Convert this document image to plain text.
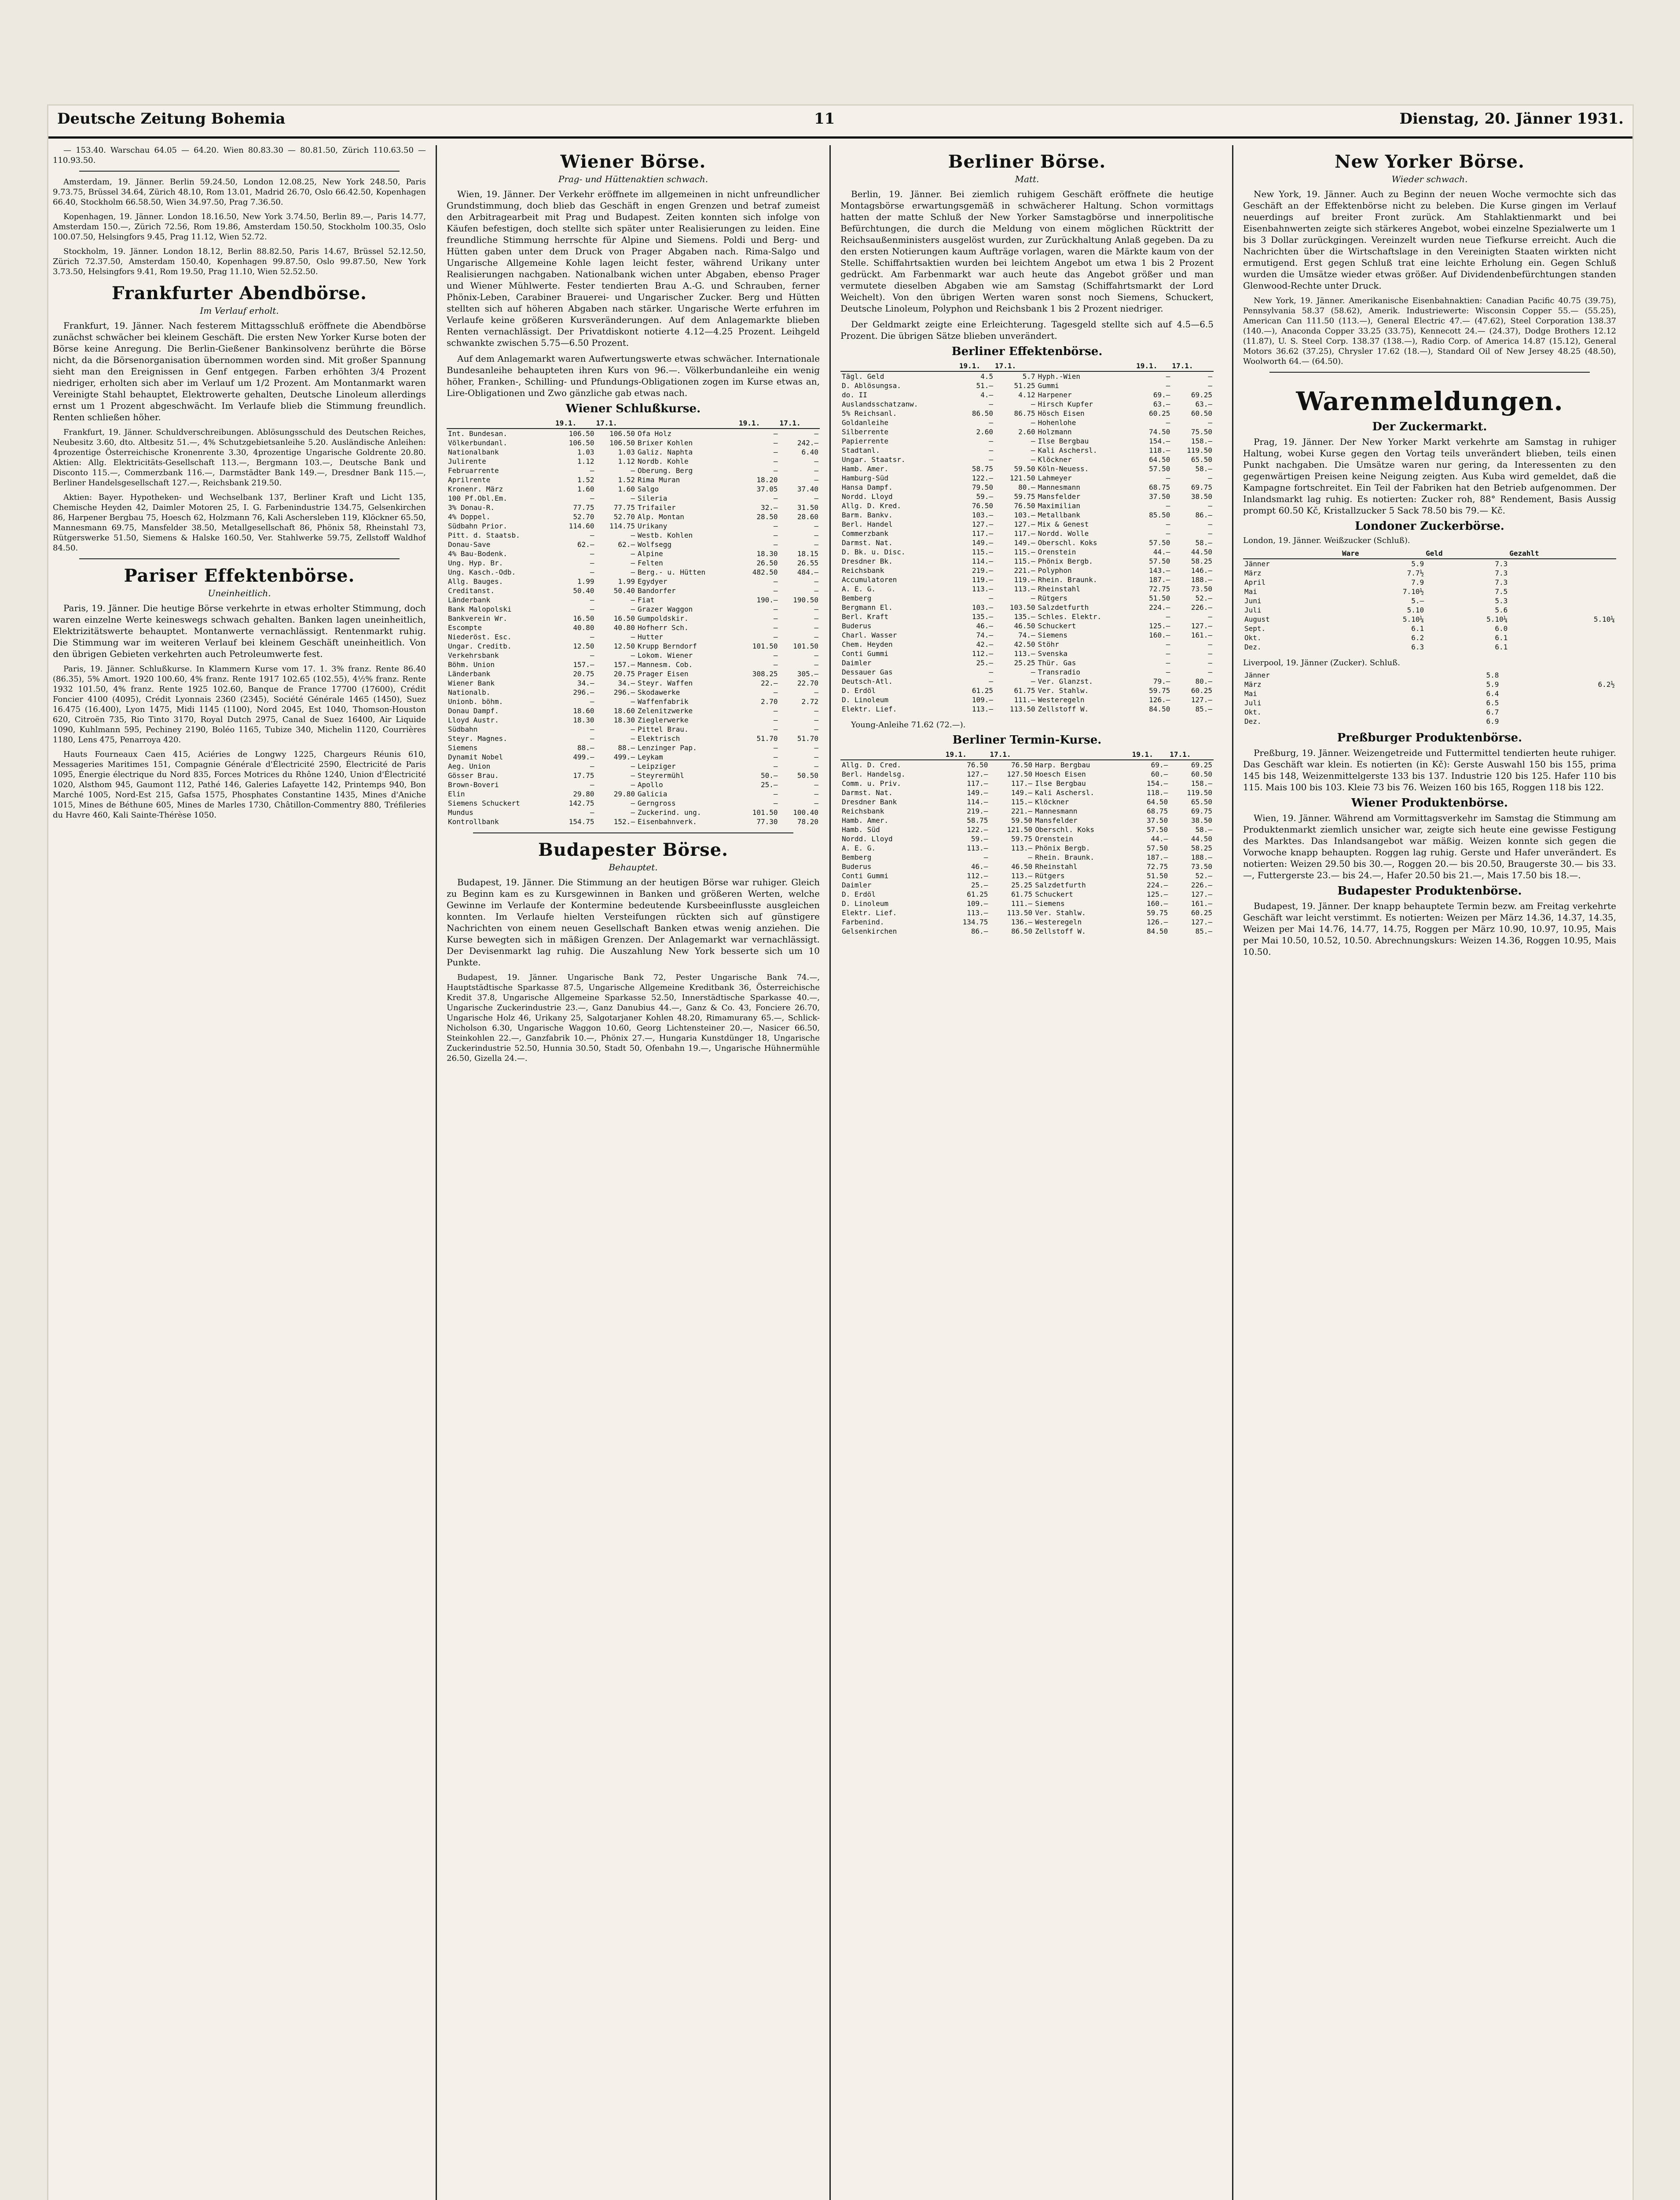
Deutsche Zeitung Bohemia	11	Dienstag, 20. Jänner 1931.

— 153.40. Warschau 64.05 — 64.20. Wien 80.83.30 — 80.81.50, Zürich 110.63.50 — 110.93.50.

Amsterdam, 19. Jänner. Berlin 59.24.50, London 12.08.25, New York 248.50, Paris 9.73.75, Brüssel 34.64, Zürich 48.10, Rom 13.01, Madrid 26.70, Oslo 66.42.50, Kopenhagen 66.40, Stockholm 66.58.50, Wien 34.97.50, Prag 7.36.50.

Kopenhagen, 19. Jänner. London 18.16.50, New York 3.74.50, Berlin 89.—, Paris 14.77, Amsterdam 150.—, Zürich 72.56, Rom 19.86, Amsterdam 150.50, Stockholm 100.35, Oslo 100.07.50, Helsingfors 9.45, Prag 11.12, Wien 52.72.

Stockholm, 19. Jänner. London 18.12, Berlin 88.82.50, Paris 14.67, Brüssel 52.12.50, Zürich 72.37.50, Amsterdam 150.40, Kopenhagen 99.87.50, Oslo 99.87.50, New York 3.73.50, Helsingfors 9.41, Rom 19.50, Prag 11.10, Wien 52.52.50.

Frankfurter Abendbörse.
Im Verlauf erholt.

Frankfurt, 19. Jänner. Nach festerem Mittagsschluß eröffnete die Abendbörse zunächst schwächer bei kleinem Geschäft. Die ersten New Yorker Kurse boten der Börse keine Anregung. Die Berlin-Gießener Bankinsolvenz berührte die Börse nicht, da die Börsenorganisation übernommen worden sind. Mit großer Spannung sieht man den Ereignissen in Genf entgegen. Farben erhöhten 3/4 Prozent niedriger, erholten sich aber im Verlauf um 1/2 Prozent. Am Montanmarkt waren Vereinigte Stahl behauptet, Elektrowerte gehalten, Deutsche Linoleum allerdings ernst um 1 Prozent abgeschwächt. Im Verlaufe blieb die Stimmung freundlich. Renten schließen höher.

Frankfurt, 19. Jänner. Schuldverschreibungen. Ablösungsschuld des Deutschen Reiches, Neubesitz 3.60, dto. Altbesitz 51.—, 4% Schutzgebietsanleihe 5.20. Ausländische Anleihen: 4prozentige Österreichische Kronenrente 3.30, 4prozentige Ungarische Goldrente 20.80. Aktien: Allg. Elektricitäts-Gesellschaft 113.—, Bergmann 103.—, Deutsche Bank und Disconto 115.—, Commerzbank 116.—, Darmstädter Bank 149.—, Dresdner Bank 115.—, Berliner Handelsgesellschaft 127.—, Reichsbank 219.50.

Aktien: Bayer. Hypotheken- und Wechselbank 137, Berliner Kraft und Licht 135, Chemische Heyden 42, Daimler Motoren 25, I. G. Farbenindustrie 134.75, Gelsenkirchen 86, Harpener Bergbau 75, Hoesch 62, Holzmann 76, Kali Aschersleben 119, Klöckner 65.50, Mannesmann 69.75, Mansfelder 38.50, Metallgesellschaft 86, Phönix 58, Rheinstahl 73, Rütgerswerke 51.50, Siemens & Halske 160.50, Ver. Stahlwerke 59.75, Zellstoff Waldhof 84.50.

Pariser Effektenbörse.
Uneinheitlich.

Paris, 19. Jänner. Die heutige Börse verkehrte in etwas erholter Stimmung, doch waren einzelne Werte keineswegs schwach gehalten. Banken lagen uneinheitlich, Elektrizitätswerte behauptet. Montanwerte vernachlässigt. Rentenmarkt ruhig. Die Stimmung war im weiteren Verlauf bei kleinem Geschäft uneinheitlich. Von den übrigen Gebieten verkehrten auch Petroleumwerte fest.

Paris, 19. Jänner. Schlußkurse. In Klammern Kurse vom 17. 1. 3% franz. Rente 86.40 (86.35), 5% Amort. 1920 100.60, 4% franz. Rente 1917 102.65 (102.55), 4½% franz. Rente 1932 101.50, 4% franz. Rente 1925 102.60, Banque de France 17700 (17600), Crédit Foncier 4100 (4095), Crédit Lyonnais 2360 (2345), Société Générale 1465 (1450), Suez 16.475 (16.400), Lyon 1475, Midi 1145 (1100), Nord 2045, Est 1040, Thomson-Houston 620, Citroën 735, Rio Tinto 3170, Royal Dutch 2975, Canal de Suez 16400, Air Liquide 1090, Kuhlmann 595, Pechiney 2190, Boléo 1165, Tubize 340, Michelin 1120, Courrières 1180, Lens 475, Penarroya 420.

Hauts Fourneaux Caen 415, Aciéries de Longwy 1225, Chargeurs Réunis 610, Messageries Maritimes 151, Compagnie Générale d'Électricité 2590, Électricité de Paris 1095, Énergie électrique du Nord 835, Forces Motrices du Rhône 1240, Union d'Électricité 1020, Alsthom 945, Gaumont 112, Pathé 146, Galeries Lafayette 142, Printemps 940, Bon Marché 1005, Nord-Est 215, Gafsa 1575, Phosphates Constantine 1435, Mines d'Aniche 1015, Mines de Béthune 605, Mines de Marles 1730, Châtillon-Commentry 880, Tréfileries du Havre 460, Kali Sainte-Thérèse 1050.

Wiener Börse.
Prag- und Hüttenaktien schwach.

Wien, 19. Jänner. Der Verkehr eröffnete im allgemeinen in nicht unfreundlicher Grundstimmung, doch blieb das Geschäft in engen Grenzen und betraf zumeist den Arbitragearbeit mit Prag und Budapest. Zeiten konnten sich infolge von Käufen befestigen, doch stellte sich später unter Realisierungen zu leiden. Eine freundliche Stimmung herrschte für Alpine und Siemens. Poldi und Berg- und Hütten gaben unter dem Druck von Prager Abgaben nach. Rima-Salgo und Ungarische Allgemeine Kohle lagen leicht fester, während Urikany unter Realisierungen nachgaben. Nationalbank wichen unter Abgaben, ebenso Prager und Wiener Mühlwerte. Fester tendierten Brau A.-G. und Schrauben, ferner Phönix-Leben, Carabiner Brauerei- und Ungarischer Zucker. Berg und Hütten stellten sich auf höheren Abgaben nach stärker. Ungarische Werte erfuhren im Verlaufe keine größeren Kursveränderungen. Auf dem Anlagemarkte blieben Renten vernachlässigt. Der Privatdiskont notierte 4.12—4.25 Prozent. Leihgeld schwankte zwischen 5.75—6.50 Prozent.

Auf dem Anlagemarkt waren Aufwertungswerte etwas schwächer. Internationale Bundesanleihe behaupteten ihren Kurs von 96.—. Völkerbundanleihe ein wenig höher, Franken-, Schilling- und Pfundungs-Obligationen zogen im Kurse etwas an, Lire-Obligationen und Zwo gänzliche gab etwas nach.

Wiener Schlußkurse.
	19.1.	17.1.		19.1.	17.1.
Int. Bundesan.	106.50	106.50	Ofa Holz	—	—
Völkerbundanl.	106.50	106.50	Brixer Kohlen	—	242.—
Nationalbank	1.03	1.03	Galiz. Naphta	—	6.40
Julirente	1.12	1.12	Nordb. Kohle	—	—
Februarrente	—	—	Oberung. Berg	—	—
Aprilrente	1.52	1.52	Rima Muran	18.20	—
Kronenr. März	1.60	1.60	Salgo	37.05	37.40
100 Pf.Obl.Em.	—	—	Sileria	—	—
3% Donau-R.	77.75	77.75	Trifailer	32.—	31.50
4% Doppel.	52.70	52.70	Alp. Montan	28.50	28.60
Südbahn Prior.	114.60	114.75	Urikany	—	—
Pitt. d. Staatsb.	—	—	Westb. Kohlen	—	—
Donau-Save	62.—	62.—	Wolfsegg	—	—
4% Bau-Bodenk.	—	—	Alpine	18.30	18.15
Ung. Hyp. Br.	—	—	Felten	26.50	26.55
Ung. Kasch.-Odb.	—	—	Berg.- u. Hütten	482.50	484.—
Allg. Bauges.	1.99	1.99	Egydyer	—	—
Creditanst.	50.40	50.40	Bandorfer	—	—
Länderbank	—	—	Fiat	190.—	190.50
Bank Malopolski	—	—	Grazer Waggon	—	—
Bankverein Wr.	16.50	16.50	Gumpoldskir.	—	—
Escompte	40.80	40.80	Hofherr Sch.	—	—
Niederöst. Esc.	—	—	Hutter	—	—
Ungar. Creditb.	12.50	12.50	Krupp Berndorf	101.50	101.50
Verkehrsbank	—	—	Lokom. Wiener	—	—
Böhm. Union	157.—	157.—	Mannesm. Cob.	—	—
Länderbank	20.75	20.75	Prager Eisen	308.25	305.—
Wiener Bank	34.—	34.—	Steyr. Waffen	22.—	22.70
Nationalb.	296.—	296.—	Skodawerke	—	—
Unionb. böhm.	—	—	Waffenfabrik	2.70	2.72
Donau Dampf.	18.60	18.60	Zelenitzwerke	—	—
Lloyd Austr.	18.30	18.30	Zieglerwerke	—	—
Südbahn	—	—	Pittel Brau.	—	—
Steyr. Magnes.	—	—	Elektrisch	51.70	51.70
Siemens	88.—	88.—	Lenzinger Pap.	—	—
Dynamit Nobel	499.—	499.—	Leykam	—	—
Aeg. Union	—	—	Leipziger	—	—
Gösser Brau.	17.75	—	Steyrermühl	50.—	50.50
Brown-Boveri	—	—	Apollo	25.—	—
Elin	29.80	29.80	Galicia	—	—
Siemens Schuckert	142.75	—	Gerngross	—	—
Mundus	—	—	Zuckerind. ung.	101.50	100.40
Kontrollbank	154.75	152.—	Eisenbahnverk.	77.30	78.20
Budapester Börse.
Behauptet.

Budapest, 19. Jänner. Die Stimmung an der heutigen Börse war ruhiger. Gleich zu Beginn kam es zu Kursgewinnen in Banken und größeren Werten, welche Gewinne im Verlaufe der Kontermine bedeutende Kursbeeinflusste ausgleichen konnten. Im Verlaufe hielten Versteifungen rückten sich auf günstigere Nachrichten von einem neuen Gesellschaft Banken etwas wenig anziehen. Die Kurse bewegten sich in mäßigen Grenzen. Der Anlagemarkt war vernachlässigt. Der Devisenmarkt lag ruhig. Die Auszahlung New York besserte sich um 10 Punkte.

Budapest, 19. Jänner. Ungarische Bank 72, Pester Ungarische Bank 74.—, Hauptstädtische Sparkasse 87.5, Ungarische Allgemeine Kreditbank 36, Österreichische Kredit 37.8, Ungarische Allgemeine Sparkasse 52.50, Innerstädtische Sparkasse 40.—, Ungarische Zuckerindustrie 23.—, Ganz Danubius 44.—, Ganz & Co. 43, Fonciere 26.70, Ungarische Holz 46, Urikany 25, Salgotarjaner Kohlen 48.20, Rimamurany 65.—, Schlick-Nicholson 6.30, Ungarische Waggon 10.60, Georg Lichtensteiner 20.—, Nasicer 66.50, Steinkohlen 22.—, Ganzfabrik 10.—, Phönix 27.—, Hungaria Kunstdünger 18, Ungarische Zuckerindustrie 52.50, Hunnia 30.50, Stadt 50, Ofenbahn 19.—, Ungarische Hühnermühle 26.50, Gizella 24.—.

Berliner Börse.
Matt.

Berlin, 19. Jänner. Bei ziemlich ruhigem Geschäft eröffnete die heutige Montagsbörse erwartungsgemäß in schwächerer Haltung. Schon vormittags hatten der matte Schluß der New Yorker Samstagbörse und innerpolitische Befürchtungen, die durch die Meldung von einem möglichen Rücktritt der Reichsaußenministers ausgelöst wurden, zur Zurückhaltung Anlaß gegeben. Da zu den ersten Notierungen kaum Aufträge vorlagen, waren die Märkte kaum von der Stelle. Schiffahrtsaktien wurden bei leichtem Angebot um etwa 1 bis 2 Prozent gedrückt. Am Farbenmarkt war auch heute das Angebot größer und man vermutete dieselben Abgaben wie am Samstag (Schiffahrtsmarkt der Lord Weichelt). Von den übrigen Werten waren sonst noch Siemens, Schuckert, Deutsche Linoleum, Polyphon und Reichsbank 1 bis 2 Prozent niedriger.

Der Geldmarkt zeigte eine Erleichterung. Tagesgeld stellte sich auf 4.5—6.5 Prozent. Die übrigen Sätze blieben unverändert.

Berliner Effektenbörse.
	19.1.	17.1.		19.1.	17.1.
Tägl. Geld	4.5	5.7	Hyph.-Wien	—	—
D. Ablösungsa.	51.—	51.25	Gummi	—	—
do. II	4.—	4.12	Harpener	69.—	69.25
Auslandsschatzanw.	—	—	Hirsch Kupfer	63.—	63.—
5% Reichsanl.	86.50	86.75	Hösch Eisen	60.25	60.50
Goldanleihe	—	—	Hohenlohe	—	—
Silberrente	2.60	2.60	Holzmann	74.50	75.50
Papierrente	—	—	Ilse Bergbau	154.—	158.—
Stadtanl.	—	—	Kali Aschersl.	118.—	119.50
Ungar. Staatsr.	—	—	Klöckner	64.50	65.50
Hamb. Amer.	58.75	59.50	Köln-Neuess.	57.50	58.—
Hamburg-Süd	122.—	121.50	Lahmeyer	—	—
Hansa Dampf.	79.50	80.—	Mannesmann	68.75	69.75
Nordd. Lloyd	59.—	59.75	Mansfelder	37.50	38.50
Allg. D. Kred.	76.50	76.50	Maximilian	—	—
Barm. Bankv.	103.—	103.—	Metallbank	85.50	86.—
Berl. Handel	127.—	127.—	Mix & Genest	—	—
Commerzbank	117.—	117.—	Nordd. Wolle	—	—
Darmst. Nat.	149.—	149.—	Oberschl. Koks	57.50	58.—
D. Bk. u. Disc.	115.—	115.—	Orenstein	44.—	44.50
Dresdner Bk.	114.—	115.—	Phönix Bergb.	57.50	58.25
Reichsbank	219.—	221.—	Polyphon	143.—	146.—
Accumulatoren	119.—	119.—	Rhein. Braunk.	187.—	188.—
A. E. G.	113.—	113.—	Rheinstahl	72.75	73.50
Bemberg	—	—	Rütgers	51.50	52.—
Bergmann El.	103.—	103.50	Salzdetfurth	224.—	226.—
Berl. Kraft	135.—	135.—	Schles. Elektr.	—	—
Buderus	46.—	46.50	Schuckert	125.—	127.—
Charl. Wasser	74.—	74.—	Siemens	160.—	161.—
Chem. Heyden	42.—	42.50	Stöhr	—	—
Conti Gummi	112.—	113.—	Svenska	—	—
Daimler	25.—	25.25	Thür. Gas	—	—
Dessauer Gas	—	—	Transradio	—	—
Deutsch-Atl.	—	—	Ver. Glanzst.	79.—	80.—
D. Erdöl	61.25	61.75	Ver. Stahlw.	59.75	60.25
D. Linoleum	109.—	111.—	Westeregeln	126.—	127.—
Elektr. Lief.	113.—	113.50	Zellstoff W.	84.50	85.—

Young-Anleihe 71.62 (72.—).

Berliner Termin-Kurse.
	19.1.	17.1.		19.1.	17.1.
Allg. D. Cred.	76.50	76.50	Harp. Bergbau	69.—	69.25
Berl. Handelsg.	127.—	127.50	Hoesch Eisen	60.—	60.50
Comm. u. Priv.	117.—	117.—	Ilse Bergbau	154.—	158.—
Darmst. Nat.	149.—	149.—	Kali Aschersl.	118.—	119.50
Dresdner Bank	114.—	115.—	Klöckner	64.50	65.50
Reichsbank	219.—	221.—	Mannesmann	68.75	69.75
Hamb. Amer.	58.75	59.50	Mansfelder	37.50	38.50
Hamb. Süd	122.—	121.50	Oberschl. Koks	57.50	58.—
Nordd. Lloyd	59.—	59.75	Orenstein	44.—	44.50
A. E. G.	113.—	113.—	Phönix Bergb.	57.50	58.25
Bemberg	—	—	Rhein. Braunk.	187.—	188.—
Buderus	46.—	46.50	Rheinstahl	72.75	73.50
Conti Gummi	112.—	113.—	Rütgers	51.50	52.—
Daimler	25.—	25.25	Salzdetfurth	224.—	226.—
D. Erdöl	61.25	61.75	Schuckert	125.—	127.—
D. Linoleum	109.—	111.—	Siemens	160.—	161.—
Elektr. Lief.	113.—	113.50	Ver. Stahlw.	59.75	60.25
Farbenind.	134.75	136.—	Westeregeln	126.—	127.—
Gelsenkirchen	86.—	86.50	Zellstoff W.	84.50	85.—
New Yorker Börse.
Wieder schwach.

New York, 19. Jänner. Auch zu Beginn der neuen Woche vermochte sich das Geschäft an der Effektenbörse nicht zu beleben. Die Kurse gingen im Verlauf neuerdings auf breiter Front zurück. Am Stahlaktienmarkt und bei Eisenbahnwerten zeigte sich stärkeres Angebot, wobei einzelne Spezialwerte um 1 bis 3 Dollar zurückgingen. Vereinzelt wurden neue Tiefkurse erreicht. Auch die Nachrichten über die Wirtschaftslage in den Vereinigten Staaten wirkten nicht ermutigend. Erst gegen Schluß trat eine leichte Erholung ein. Gegen Schluß wurden die Umsätze wieder etwas größer. Auf Dividendenbefürchtungen standen Glenwood-Rechte unter Druck.

New York, 19. Jänner. Amerikanische Eisenbahnaktien: Canadian Pacific 40.75 (39.75), Pennsylvania 58.37 (58.62), Amerik. Industriewerte: Wisconsin Copper 55.— (55.25), American Can 111.50 (113.—), General Electric 47.— (47.62), Steel Corporation 138.37 (140.—), Anaconda Copper 33.25 (33.75), Kennecott 24.— (24.37), Dodge Brothers 12.12 (11.87), U. S. Steel Corp. 138.37 (138.—), Radio Corp. of America 14.87 (15.12), General Motors 36.62 (37.25), Chrysler 17.62 (18.—), Standard Oil of New Jersey 48.25 (48.50), Woolworth 64.— (64.50).

Warenmeldungen.
Der Zuckermarkt.

Prag, 19. Jänner. Der New Yorker Markt verkehrte am Samstag in ruhiger Haltung, wobei Kurse gegen den Vortag teils unverändert blieben, teils einen Punkt nachgaben. Die Umsätze waren nur gering, da Interessenten zu den gegenwärtigen Preisen keine Neigung zeigten. Aus Kuba wird gemeldet, daß die Kampagne fortschreitet. Ein Teil der Fabriken hat den Betrieb aufgenommen. Der Inlandsmarkt lag ruhig. Es notierten: Zucker roh, 88° Rendement, Basis Aussig prompt 60.50 Kč, Kristallzucker 5 Sack 78.50 bis 79.— Kč.

Londoner Zuckerbörse.
London, 19. Jänner. Weißzucker (Schluß).
	Ware	Geld	Gezahlt
Jänner	5.9	7.3	
März	7.7½	7.3	
April	7.9	7.3	
Mai	7.10½	7.5	
Juni	5.—	5.3	
Juli	5.10	5.6	
August	5.10¼	5.10¼	5.10¼
Sept.	6.1	6.0	
Okt.	6.2	6.1	
Dez.	6.3	6.1	
Liverpool, 19. Jänner (Zucker). Schluß.
Jänner	5.8	
März	5.9	6.2½
Mai	6.4	
Juli	6.5	
Okt.	6.7	
Dez.	6.9	
Preßburger Produktenbörse.

Preßburg, 19. Jänner. Weizengetreide und Futtermittel tendierten heute ruhiger. Das Geschäft war klein. Es notierten (in Kč): Gerste Auswahl 150 bis 155, prima 145 bis 148, Weizenmittelgerste 133 bis 137. Industrie 120 bis 125. Hafer 110 bis 115. Mais 100 bis 103. Kleie 73 bis 76. Weizen 160 bis 165, Roggen 118 bis 122.

Wiener Produktenbörse.

Wien, 19. Jänner. Während am Vormittagsverkehr im Samstag die Stimmung am Produktenmarkt ziemlich unsicher war, zeigte sich heute eine gewisse Festigung des Marktes. Das Inlandsangebot war mäßig. Weizen konnte sich gegen die Vorwoche knapp behaupten. Roggen lag ruhig. Gerste und Hafer unverändert. Es notierten: Weizen 29.50 bis 30.—, Roggen 20.— bis 20.50, Braugerste 30.— bis 33.—, Futtergerste 23.— bis 24.—, Hafer 20.50 bis 21.—, Mais 17.50 bis 18.—.

Budapester Produktenbörse.

Budapest, 19. Jänner. Der knapp behauptete Termin bezw. am Freitag verkehrte Geschäft war leicht verstimmt. Es notierten: Weizen per März 14.36, 14.37, 14.35, Weizen per Mai 14.76, 14.77, 14.75, Roggen per März 10.90, 10.97, 10.95, Mais per Mai 10.50, 10.52, 10.50. Abrechnungskurs: Weizen 14.36, Roggen 10.95, Mais 10.50.
